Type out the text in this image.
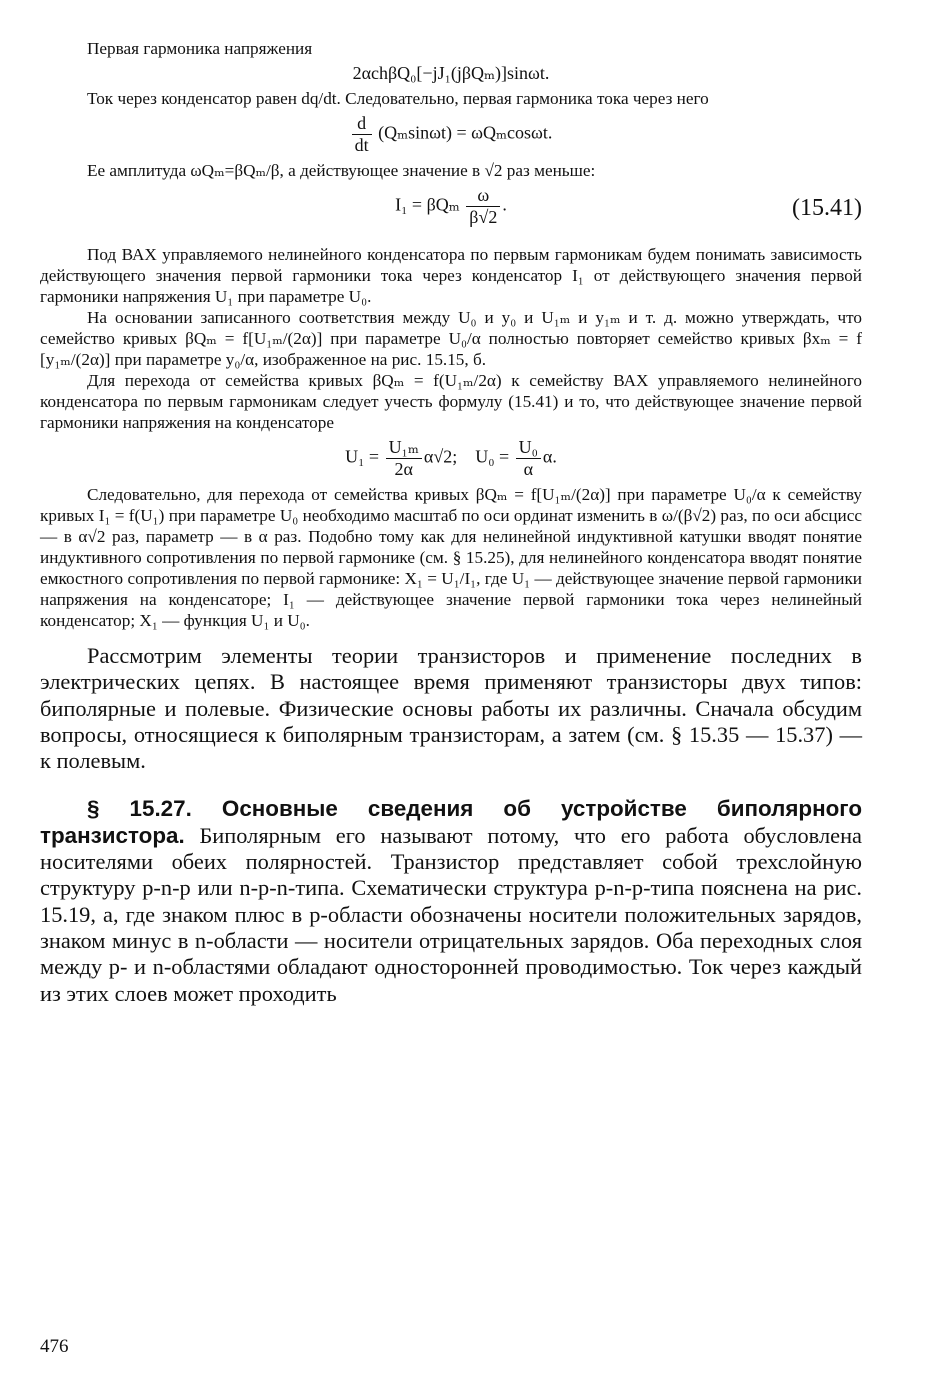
Первая гармоника напряжения

2αchβQ₀[−jJ₁(jβQₘ)]sinωt.

Ток через конденсатор равен dq/dt. Следовательно, первая гармоника тока через него

$\frac{d}{dt} (Q_m\sin\omega t) = \omega Q_m\cos\omega t$.

Ее амплитуда ωQₘ=βQₘ/β, а действующее значение в √2 раз меньше:

I₁ = βQₘ $\frac{\omega}{\beta√2}$ .	(15.41)

Под ВАХ управляемого нелинейного конденсатора по первым гармоникам будем понимать зависимость действующего значения первой гармоники тока через конденсатор I₁ от действующего значения первой гармоники напряжения U₁ при параметре U₀.

На основании записанного соответствия между U₀ и y₀ и U₁ₘ и y₁ₘ и т. д. можно утверждать, что семейство кривых βQₘ = f[U₁ₘ/(2α)] при параметре U₀/α полностью повторяет семейство кривых βxₘ = f [y₁ₘ/(2α)] при параметре y₀/α, изображенное на рис. 15.15, б.

Для перехода от семейства кривых βQₘ = f(U₁ₘ/2α) к семейству ВАХ управляемого нелинейного конденсатора по первым гармоникам следует учесть формулу (15.41) и то, что действующее значение первой гармоники напряжения на конденсаторе

$U_1 = \frac{\text{U₁ₘ}}{2\alpha} \alpha√2$; $U_0 = \frac{\text{U₀}}{\alpha} \alpha$.

Следовательно, для перехода от семейства кривых βQₘ = f[U₁ₘ/(2α)] при параметре U₀/α к семейству кривых I₁ = f(U₁) при параметре U₀ необходимо масштаб по оси ординат изменить в ω/(β√2) раз, по оси абсцисс — в α√2 раз, параметр — в α раз. Подобно тому как для нелинейной индуктивной катушки вводят понятие индуктивного сопротивления по первой гармонике (см. § 15.25), для нелинейного конденсатора вводят понятие емкостного сопротивления по первой гармонике: X₁ = U₁/I₁, где U₁ — действующее значение первой гармоники напряжения на конденсаторе; I₁ — действующее значение первой гармоники тока через нелинейный конденсатор; X₁ — функция U₁ и U₀.

Рассмотрим элементы теории транзисторов и применение последних в электрических цепях. В настоящее время применяют транзисторы двух типов: биполярные и полевые. Физические основы работы их различны. Сначала обсудим вопросы, относящиеся к биполярным транзисторам, а затем (см. § 15.35 — 15.37) — к полевым.

§ 15.27. Основные сведения об устройстве биполярного транзистора. Биполярным его называют потому, что его работа обусловлена носителями обеих полярностей. Транзистор представляет собой трехслойную структуру p-n-p или n-p-n-типа. Схематически структура p-n-p-типа пояснена на рис. 15.19, а, где знаком плюс в p-области обозначены носители положительных зарядов, знаком минус в n-области — носители отрицательных зарядов. Оба переходных слоя между p- и n-областями обладают односторонней проводимостью. Ток через каждый из этих слоев может проходить

476
